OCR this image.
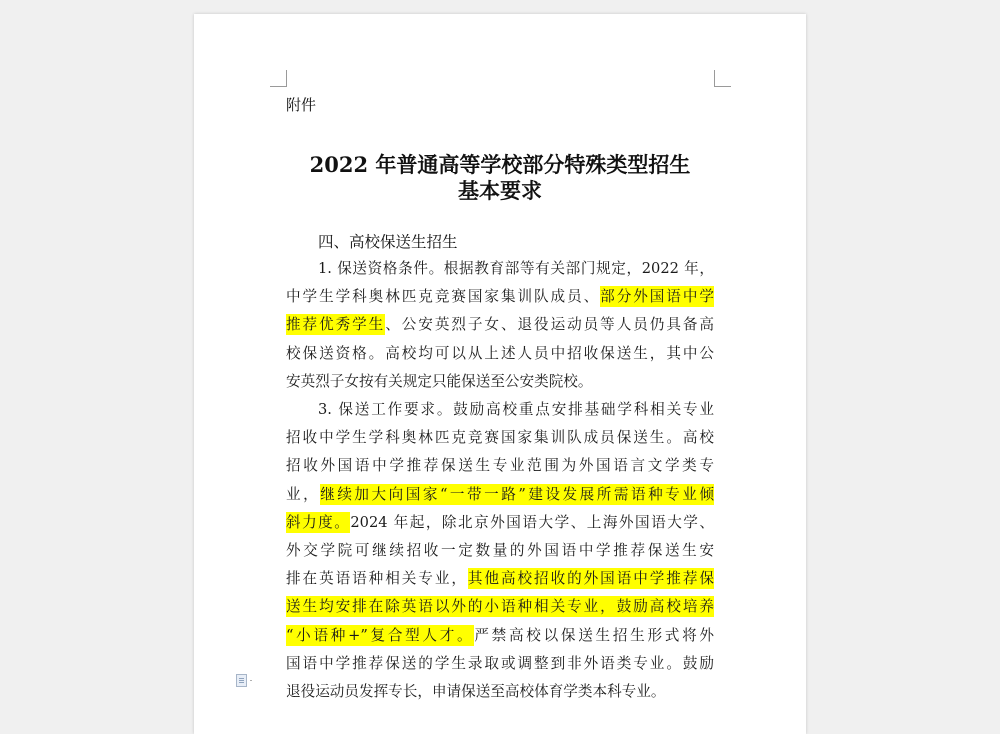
附件
2022 年普通高等学校部分特殊类型招生
基本要求
四、高校保送生招生
1. 保送资格条件。根据教育部等有关部门规定，2022 年，
中学生学科奥林匹克竞赛国家集训队成员、部分外国语中学
推荐优秀学生、公安英烈子女、退役运动员等人员仍具备高
校保送资格。高校均可以从上述人员中招收保送生，其中公
安英烈子女按有关规定只能保送至公安类院校。
3. 保送工作要求。鼓励高校重点安排基础学科相关专业
招收中学生学科奥林匹克竞赛国家集训队成员保送生。高校
招收外国语中学推荐保送生专业范围为外国语言文学类专
业，继续加大向国家“一带一路”建设发展所需语种专业倾
斜力度。2024 年起，除北京外国语大学、上海外国语大学、
外交学院可继续招收一定数量的外国语中学推荐保送生安
排在英语语种相关专业，其他高校招收的外国语中学推荐保
送生均安排在除英语以外的小语种相关专业，鼓励高校培养
“小语种+”复合型人才。严禁高校以保送生招生形式将外
国语中学推荐保送的学生录取或调整到非外语类专业。鼓励
退役运动员发挥专长，申请保送至高校体育学类本科专业。
